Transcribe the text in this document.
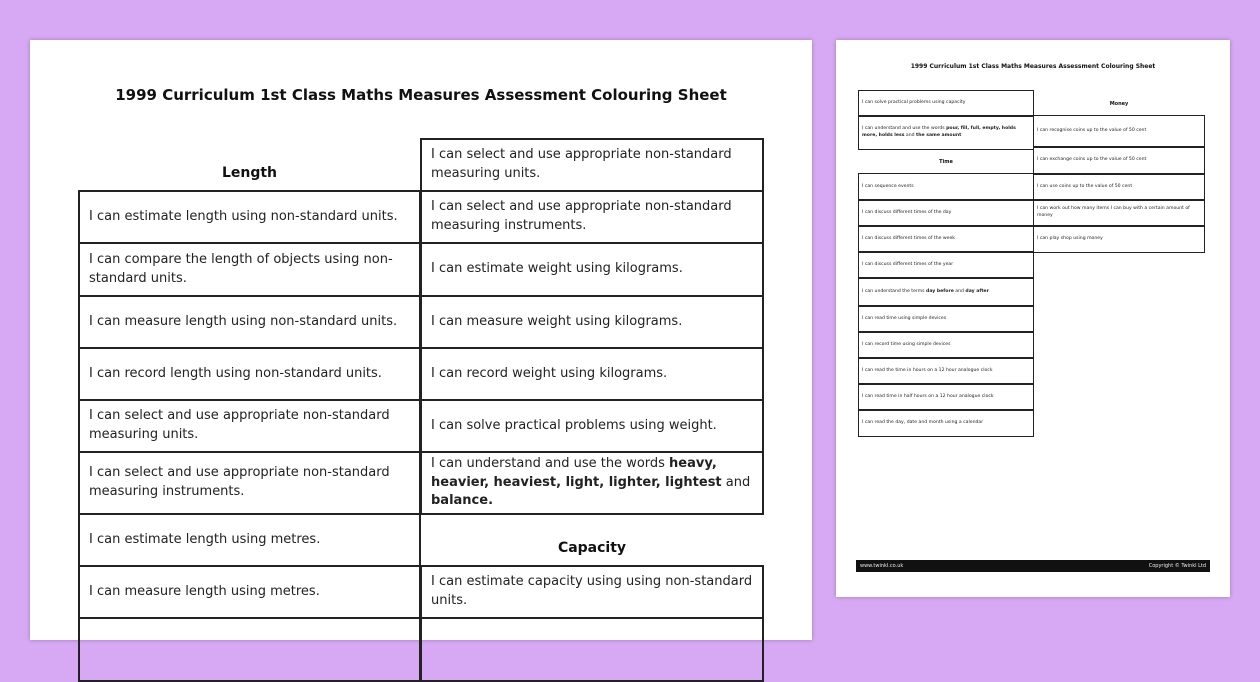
1999 Curriculum 1st Class Maths Measures Assessment Colouring Sheet
Length
I can estimate length using non-standard units.
I can compare the length of objects using non-standard units.
I can measure length using non-standard units.
I can record length using non-standard units.
I can select and use appropriate non-standard measuring units.
I can select and use appropriate non-standard measuring instruments.
I can estimate length using metres.
I can measure length using metres.
I can select and use appropriate non-standard measuring units.
I can select and use appropriate non-standard measuring instruments.
I can estimate weight using kilograms.
I can measure weight using kilograms.
I can record weight using kilograms.
I can solve practical problems using weight.
I can understand and use the words heavy, heavier, heaviest, light, lighter, lightest and balance.
Capacity
I can estimate capacity using using non-standard units.
1999 Curriculum 1st Class Maths Measures Assessment Colouring Sheet
www.twinkl.co.uk	Copyright © Twinkl Ltd
I can solve practical problems using capacity
I can understand and use the words pour, fill, full, empty, holds more, holds less and the same amount
Time
I can sequence events
I can discuss different times of the day
I can discuss different times of the week
I can discuss different times of the year
I can understand the terms day before and day after
I can read time using simple devices
I can record time using simple devices
I can read the time in hours on a 12 hour analogue clock
I can read time in half hours on a 12 hour analogue clock
I can read the day, date and month using a calendar
Money
I can recognise coins up to the value of 50 cent
I can exchange coins up to the value of 50 cent
I can use coins up to the value of 50 cent
I can work out how many items I can buy with a certain amount of money
I can play shop using money
